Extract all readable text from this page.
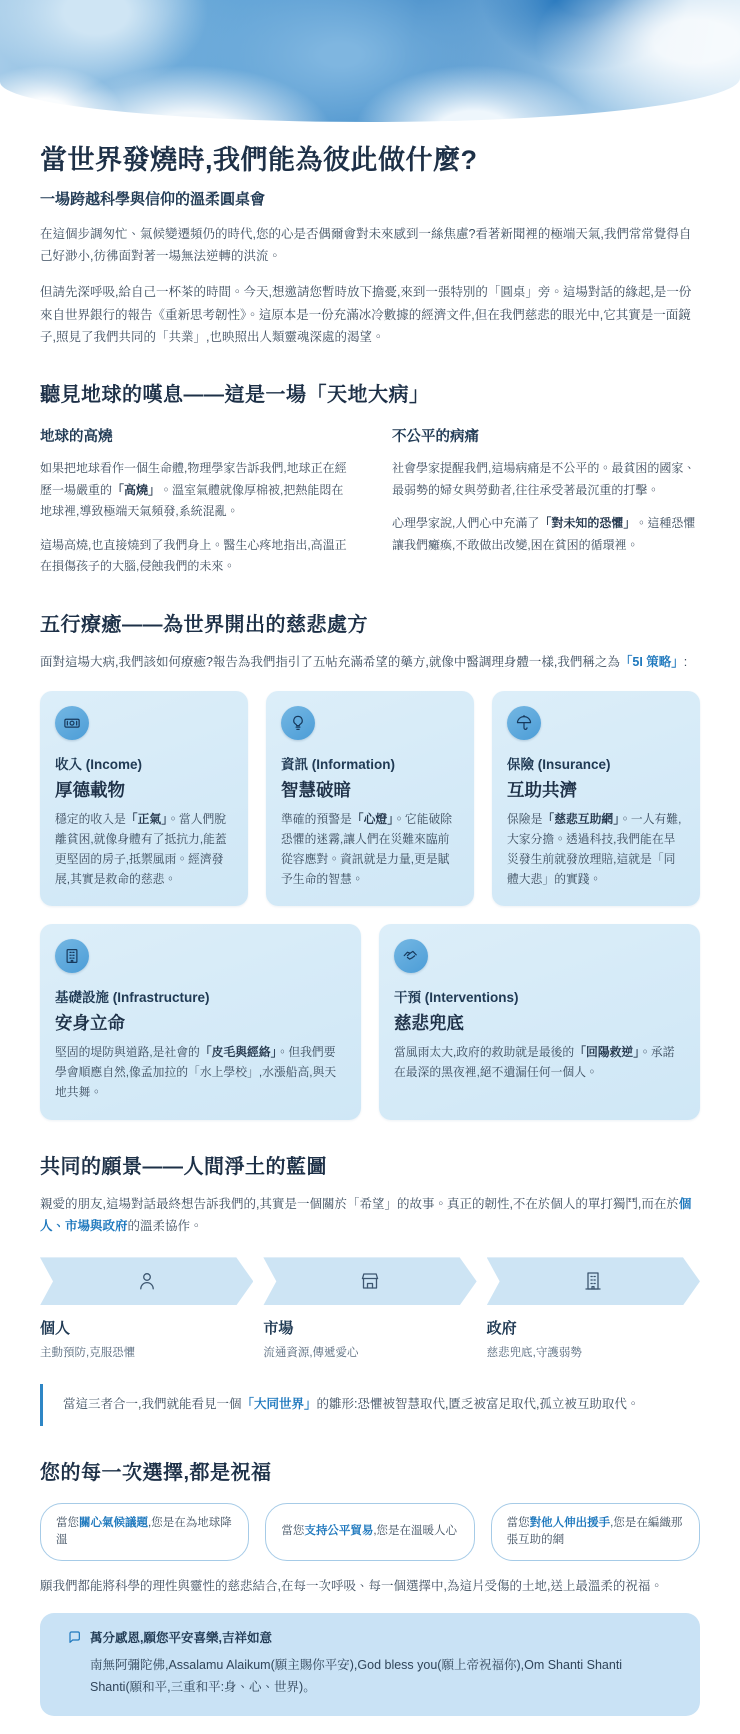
當世界發燒時,我們能為彼此做什麼?
一場跨越科學與信仰的溫柔圓桌會

在這個步調匆忙、氣候變遷頻仍的時代,您的心是否偶爾會對未來感到一絲焦慮?看著新聞裡的極端天氣,我們常常覺得自己好渺小,彷彿面對著一場無法逆轉的洪流。

但請先深呼吸,給自己一杯茶的時間。今天,想邀請您暫時放下擔憂,來到一張特別的「圓桌」旁。這場對話的緣起,是一份來自世界銀行的報告《重新思考韌性》。這原本是一份充滿冰冷數據的經濟文件,但在我們慈悲的眼光中,它其實是一面鏡子,照見了我們共同的「共業」,也映照出人類靈魂深處的渴望。

聽見地球的嘆息——這是一場「天地大病」
地球的高燒

如果把地球看作一個生命體,物理學家告訴我們,地球正在經歷一場嚴重的「高燒」。溫室氣體就像厚棉被,把熱能悶在地球裡,導致極端天氣頻發,系統混亂。

這場高燒,也直接燒到了我們身上。醫生心疼地指出,高溫正在損傷孩子的大腦,侵蝕我們的未來。

不公平的病痛

社會學家提醒我們,這場病痛是不公平的。最貧困的國家、最弱勢的婦女與勞動者,往往承受著最沉重的打擊。

心理學家說,人們心中充滿了「對未知的恐懼」。這種恐懼讓我們癱瘓,不敢做出改變,困在貧困的循環裡。

五行療癒——為世界開出的慈悲處方

面對這場大病,我們該如何療癒?報告為我們指引了五帖充滿希望的藥方,就像中醫調理身體一樣,我們稱之為「5I 策略」:

收入 (Income)
厚德載物
穩定的收入是「正氣」。當人們脫離貧困,就像身體有了抵抗力,能蓋更堅固的房子,抵禦風雨。經濟發展,其實是救命的慈悲。
資訊 (Information)
智慧破暗
準確的預警是「心燈」。它能破除恐懼的迷霧,讓人們在災難來臨前從容應對。資訊就是力量,更是賦予生命的智慧。
保險 (Insurance)
互助共濟
保險是「慈悲互助網」。一人有難,大家分擔。透過科技,我們能在旱災發生前就發放理賠,這就是「同體大悲」的實踐。
基礎設施 (Infrastructure)
安身立命
堅固的堤防與道路,是社會的「皮毛與經絡」。但我們要學會順應自然,像孟加拉的「水上學校」,水漲船高,與天地共舞。
干預 (Interventions)
慈悲兜底
當風雨太大,政府的救助就是最後的「回陽救逆」。承諾在最深的黑夜裡,絕不遺漏任何一個人。
共同的願景——人間淨土的藍圖

親愛的朋友,這場對話最終想告訴我們的,其實是一個關於「希望」的故事。真正的韌性,不在於個人的單打獨鬥,而在於個人、市場與政府的溫柔協作。

個人
主動預防,克服恐懼
市場
流通資源,傳遞愛心
政府
慈悲兜底,守護弱勢
當這三者合一,我們就能看見一個「大同世界」的雛形:恐懼被智慧取代,匱乏被富足取代,孤立被互助取代。
您的每一次選擇,都是祝福
當您關心氣候議題,您是在為地球降溫
當您支持公平貿易,您是在溫暖人心
當您對他人伸出援手,您是在編織那張互助的網

願我們都能將科學的理性與靈性的慈悲結合,在每一次呼吸、每一個選擇中,為這片受傷的土地,送上最溫柔的祝福。

萬分感恩,願您平安喜樂,吉祥如意
南無阿彌陀佛,Assalamu Alaikum(願主賜你平安),God bless you(願上帝祝福你),Om Shanti Shanti Shanti(願和平,三重和平:身、心、世界)。
